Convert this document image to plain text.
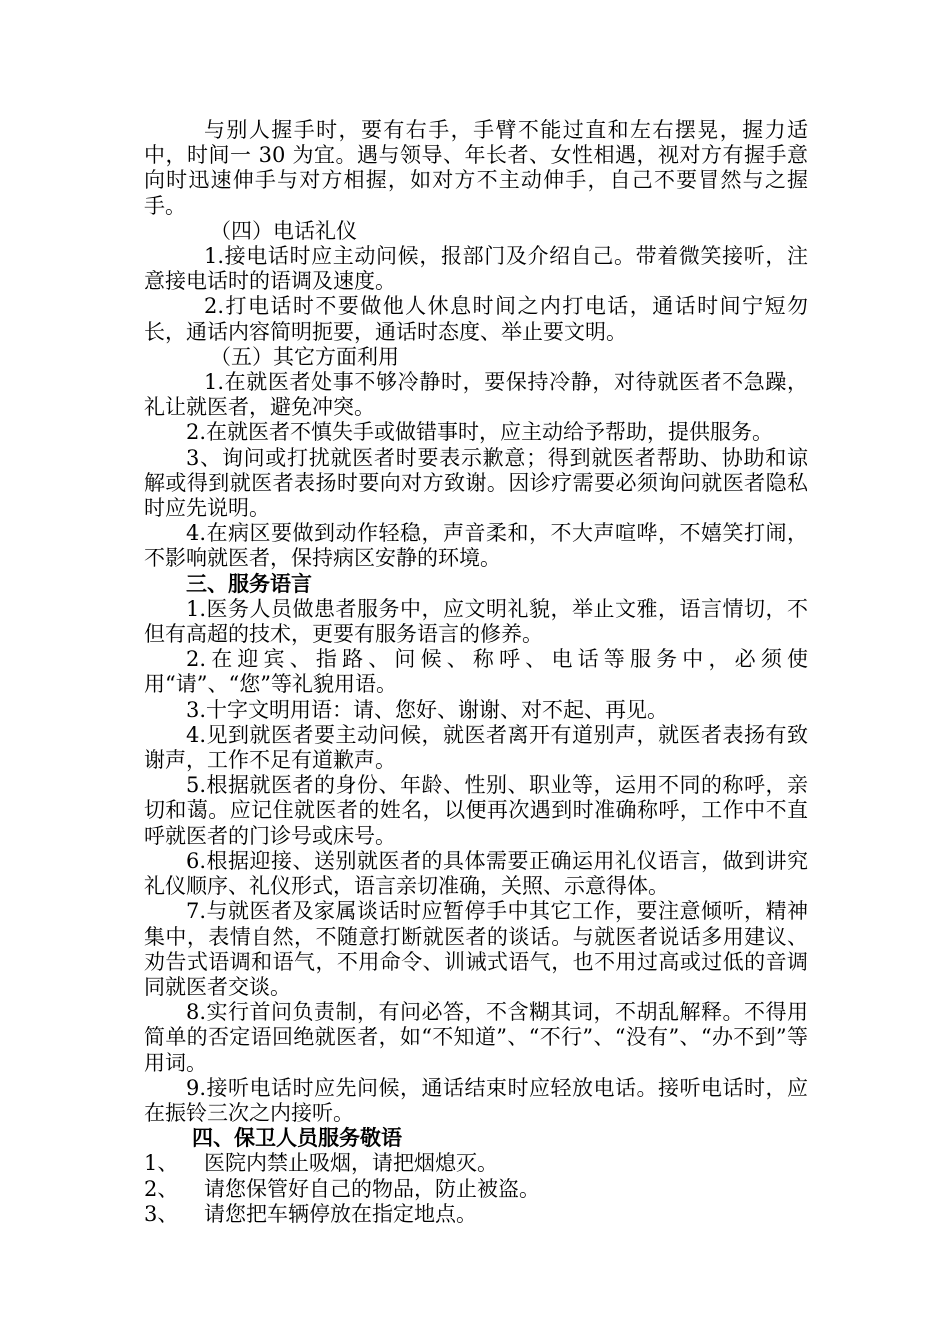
与别人握手时，要有右手，手臂不能过直和左右摆晃，握力适中，时间一 30 为宜。遇与领导、年长者、女性相遇，视对方有握手意向时迅速伸手与对方相握，如对方不主动伸手，自己不要冒然与之握手。

（四）电话礼仪

1.接电话时应主动问候，报部门及介绍自己。带着微笑接听，注意接电话时的语调及速度。

2.打电话时不要做他人休息时间之内打电话，通话时间宁短勿长，通话内容简明扼要，通话时态度、举止要文明。

（五）其它方面利用

1.在就医者处事不够冷静时，要保持冷静，对待就医者不急躁，礼让就医者，避免冲突。

2.在就医者不慎失手或做错事时，应主动给予帮助，提供服务。

3、询问或打扰就医者时要表示歉意；得到就医者帮助、协助和谅解或得到就医者表扬时要向对方致谢。因诊疗需要必须询问就医者隐私时应先说明。

4.在病区要做到动作轻稳，声音柔和，不大声喧哗，不嬉笑打闹，不影响就医者，保持病区安静的环境。

三、服务语言

1.医务人员做患者服务中，应文明礼貌，举止文雅，语言情切，不但有高超的技术，更要有服务语言的修养。

2.在迎宾、指路、问候、称呼、电话等服务中，必须使用“请”、“您”等礼貌用语。

3.十字文明用语：请、您好、谢谢、对不起、再见。

4.见到就医者要主动问候，就医者离开有道别声，就医者表扬有致谢声，工作不足有道歉声。

5.根据就医者的身份、年龄、性别、职业等，运用不同的称呼，亲切和蔼。应记住就医者的姓名，以便再次遇到时准确称呼，工作中不直呼就医者的门诊号或床号。

6.根据迎接、送别就医者的具体需要正确运用礼仪语言，做到讲究礼仪顺序、礼仪形式，语言亲切准确，关照、示意得体。

7.与就医者及家属谈话时应暂停手中其它工作，要注意倾听，精神集中，表情自然，不随意打断就医者的谈话。与就医者说话多用建议、劝告式语调和语气，不用命令、训诫式语气，也不用过高或过低的音调同就医者交谈。

8.实行首问负责制，有问必答，不含糊其词，不胡乱解释。不得用简单的否定语回绝就医者，如“不知道”、“不行”、“没有”、“办不到”等用词。

9.接听电话时应先问候，通话结束时应轻放电话。接听电话时，应在振铃三次之内接听。

四、保卫人员服务敬语

1、	医院内禁止吸烟，请把烟熄灭。
2、	请您保管好自己的物品，防止被盗。
3、	请您把车辆停放在指定地点。
